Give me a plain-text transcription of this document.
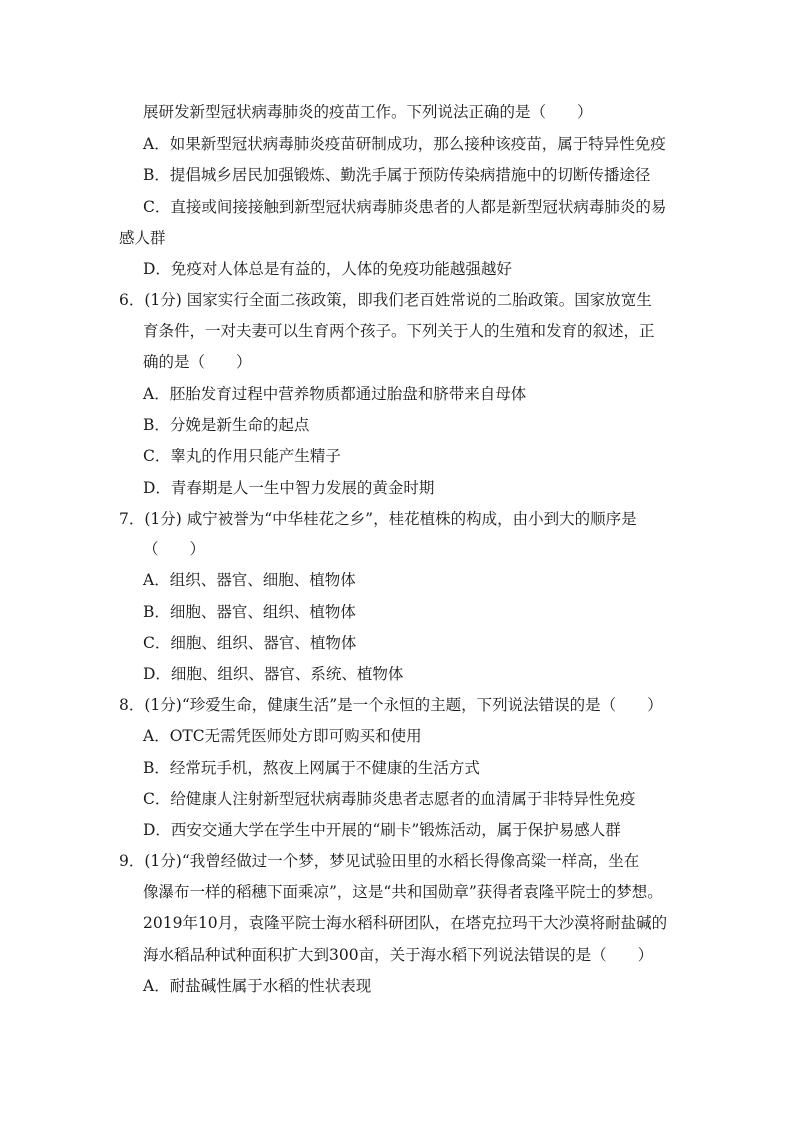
展研发新型冠状病毒肺炎的疫苗工作。下列说法正确的是（　　）
A．如果新型冠状病毒肺炎疫苗研制成功，那么接种该疫苗，属于特异性免疫
B．提倡城乡居民加强锻炼、勤洗手属于预防传染病措施中的切断传播途径
C．直接或间接接触到新型冠状病毒肺炎患者的人都是新型冠状病毒肺炎的易
感人群
D．免疫对人体总是有益的，人体的免疫功能越强越好
6．(1分) 国家实行全面二孩政策，即我们老百姓常说的二胎政策。国家放宽生
育条件，一对夫妻可以生育两个孩子。下列关于人的生殖和发育的叙述，正
确的是（　　）
A．胚胎发育过程中营养物质都通过胎盘和脐带来自母体
B．分娩是新生命的起点
C．睾丸的作用只能产生精子
D．青春期是人一生中智力发展的黄金时期
7．(1分) 咸宁被誉为“中华桂花之乡”，桂花植株的构成，由小到大的顺序是
（　　）
A．组织、器官、细胞、植物体
B．细胞、器官、组织、植物体
C．细胞、组织、器官、植物体
D．细胞、组织、器官、系统、植物体
8．(1分)“珍爱生命，健康生活”是一个永恒的主题，下列说法错误的是（　　）
A．OTC无需凭医师处方即可购买和使用
B．经常玩手机，熬夜上网属于不健康的生活方式
C．给健康人注射新型冠状病毒肺炎患者志愿者的血清属于非特异性免疫
D．西安交通大学在学生中开展的“刷卡”锻炼活动，属于保护易感人群
9．(1分)“我曾经做过一个梦，梦见试验田里的水稻长得像高粱一样高，坐在
像瀑布一样的稻穗下面乘凉”，这是“共和国勋章”获得者袁隆平院士的梦想。
2019年10月，袁隆平院士海水稻科研团队，在塔克拉玛干大沙漠将耐盐碱的
海水稻品种试种面积扩大到300亩，关于海水稻下列说法错误的是（　　）
A．耐盐碱性属于水稻的性状表现
